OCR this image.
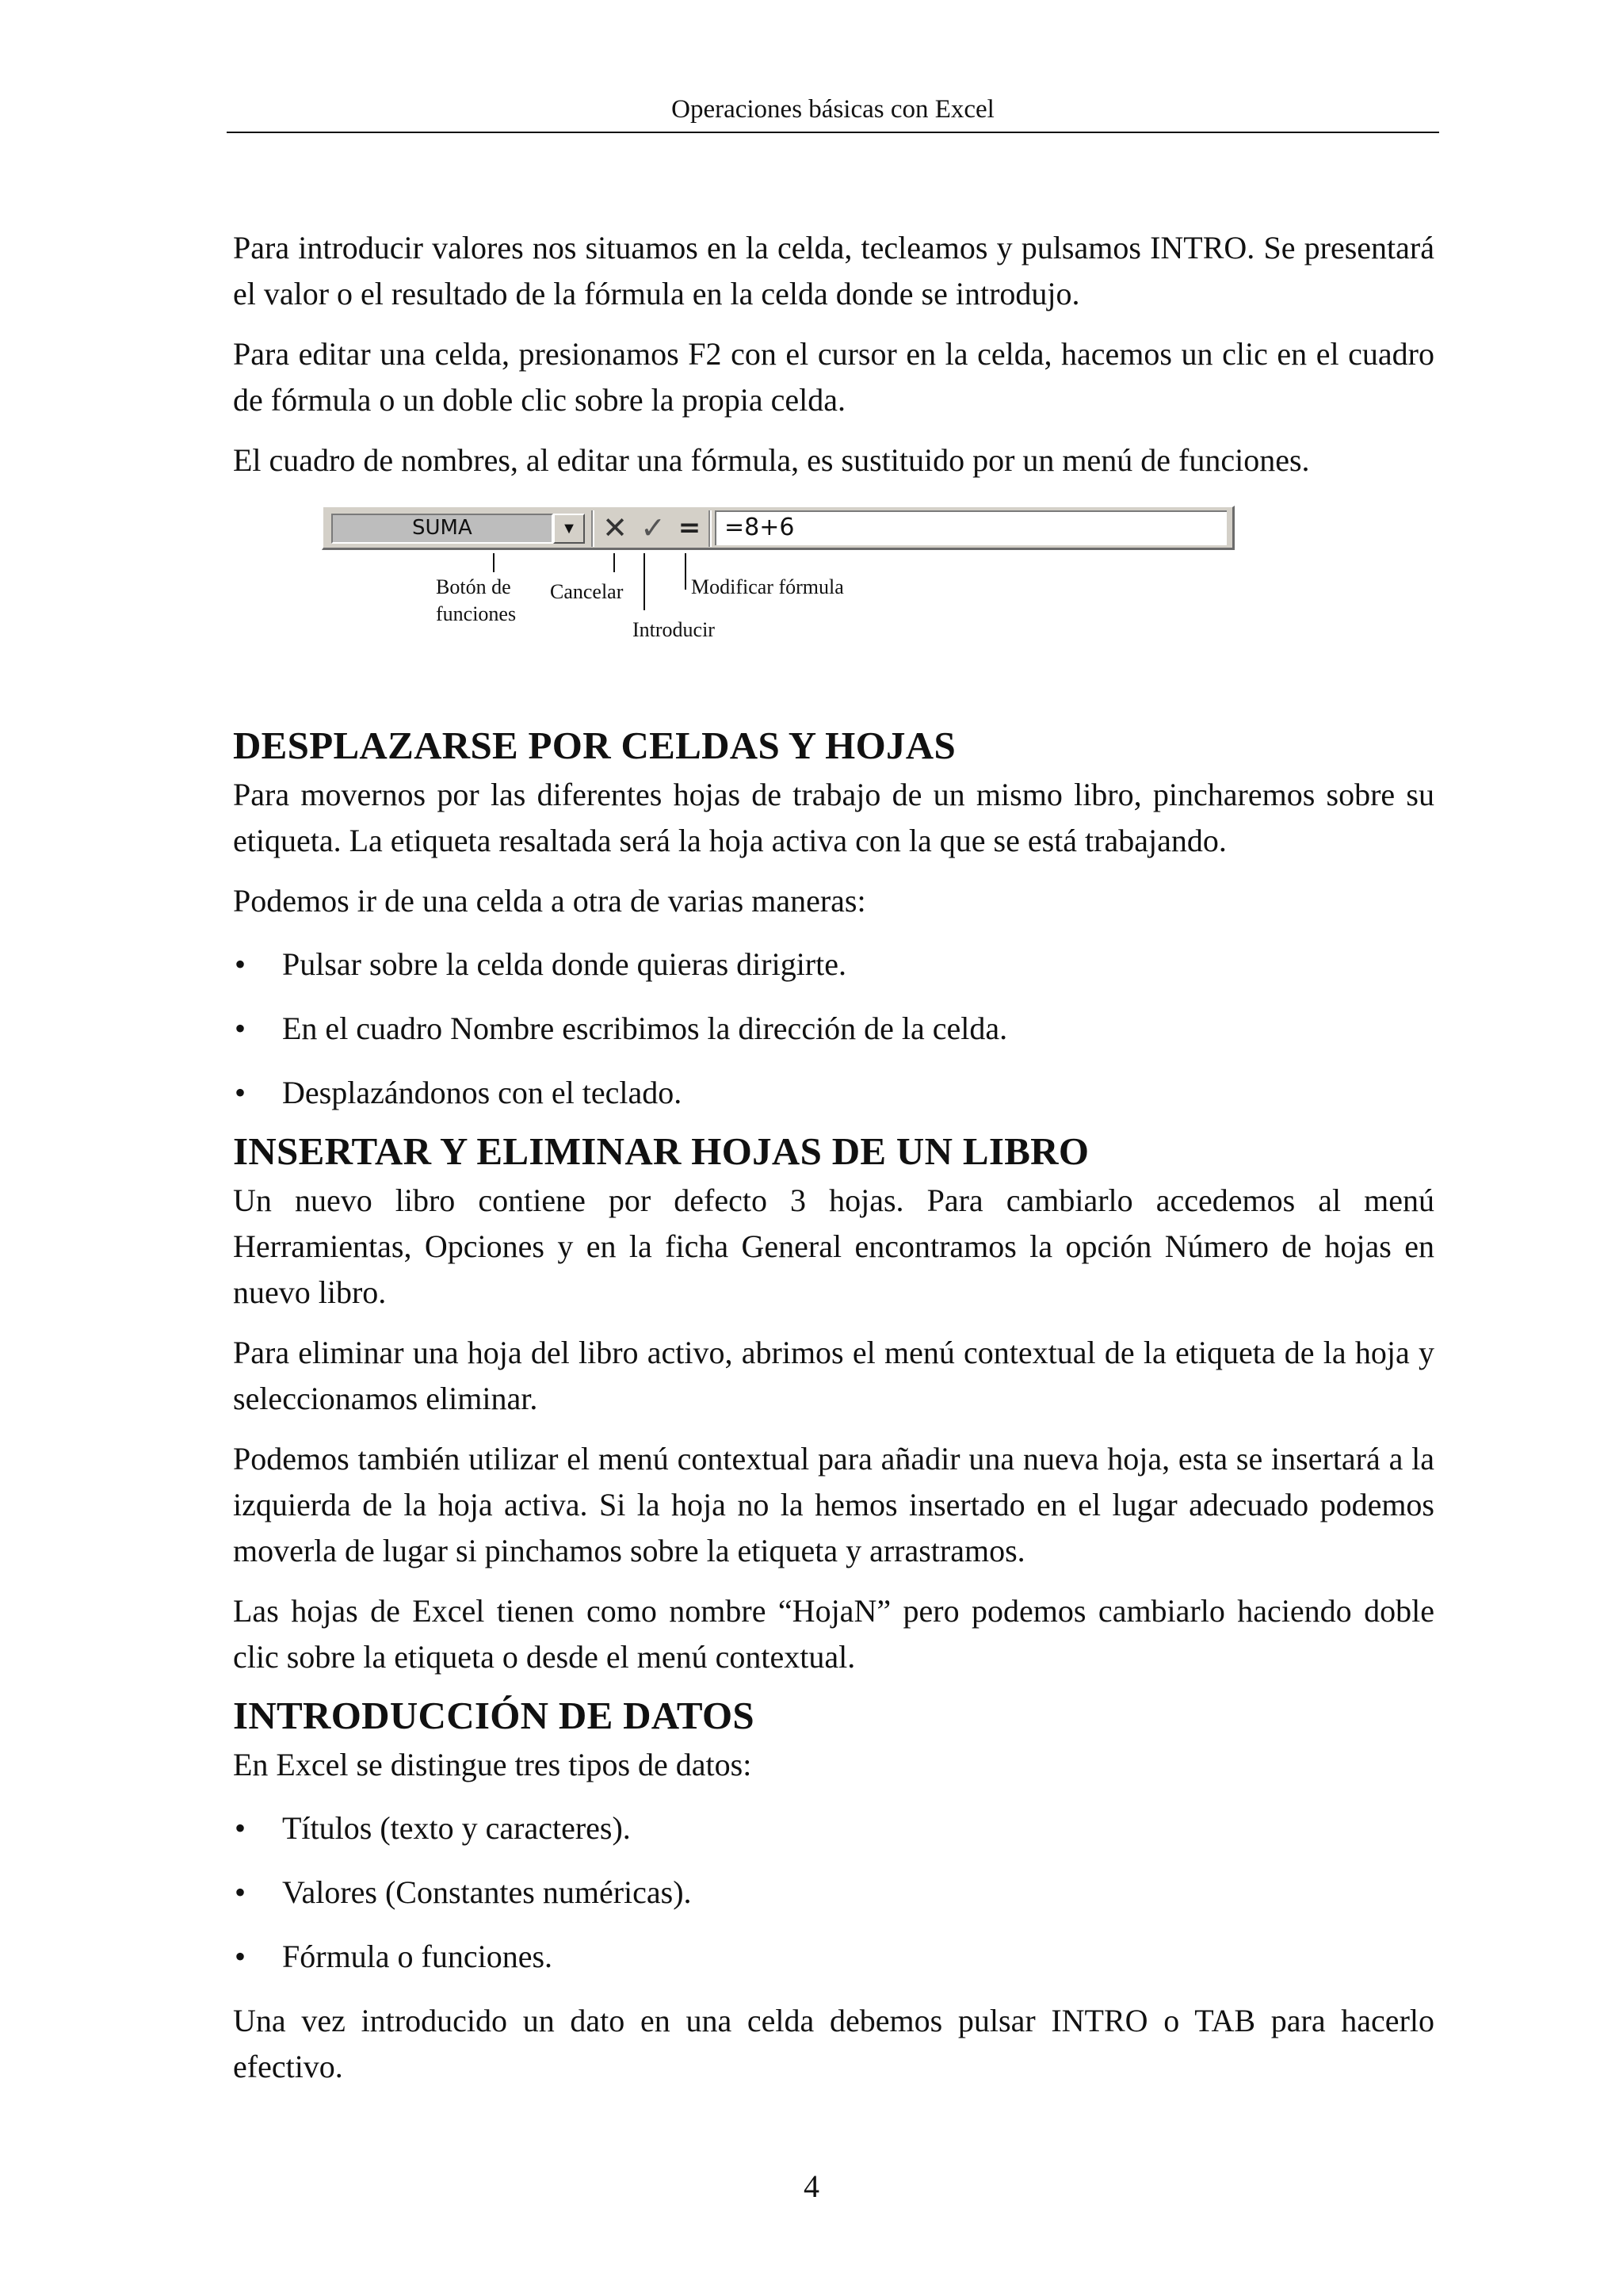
Operaciones básicas con Excel

Para introducir valores nos situamos en la celda, tecleamos y pulsamos INTRO. Se presentará el valor o el resultado de la fórmula en la celda donde se introdujo.

Para editar una celda, presionamos F2 con el cursor en la celda, hacemos un clic en el cuadro de fórmula o un doble clic sobre la propia celda.

El cuadro de nombres, al editar una fórmula, es sustituido por un menú de funciones.

SUMA	▼ ✕ ✓ = =8+6
Botón de
funciones
Cancelar
Introducir
Modificar fórmula
DESPLAZARSE POR CELDAS Y HOJAS

Para movernos por las diferentes hojas de trabajo de un mismo libro, pincharemos sobre su etiqueta. La etiqueta resaltada será la hoja activa con la que se está trabajando.

Podemos ir de una celda a otra de varias maneras:

• Pulsar sobre la celda donde quieras dirigirte.
• En el cuadro Nombre escribimos la dirección de la celda.
• Desplazándonos con el teclado.
INSERTAR Y ELIMINAR HOJAS DE UN LIBRO

Un nuevo libro contiene por defecto 3 hojas. Para cambiarlo accedemos al menú Herramientas, Opciones y en la ficha General encontramos la opción Número de hojas en nuevo libro.

Para eliminar una hoja del libro activo, abrimos el menú contextual de la etiqueta de la hoja y seleccionamos eliminar.

Podemos también utilizar el menú contextual para añadir una nueva hoja, esta se insertará a la izquierda de la hoja activa. Si la hoja no la hemos insertado en el lugar adecuado podemos moverla de lugar si pinchamos sobre la etiqueta y arrastramos.

Las hojas de Excel tienen como nombre “HojaN” pero podemos cambiarlo haciendo doble clic sobre la etiqueta o desde el menú contextual.

INTRODUCCIÓN DE DATOS

En Excel se distingue tres tipos de datos:

• Títulos (texto y caracteres).
• Valores (Constantes numéricas).
• Fórmula o funciones.

Una vez introducido un dato en una celda debemos pulsar INTRO o TAB para hacerlo efectivo.

4
